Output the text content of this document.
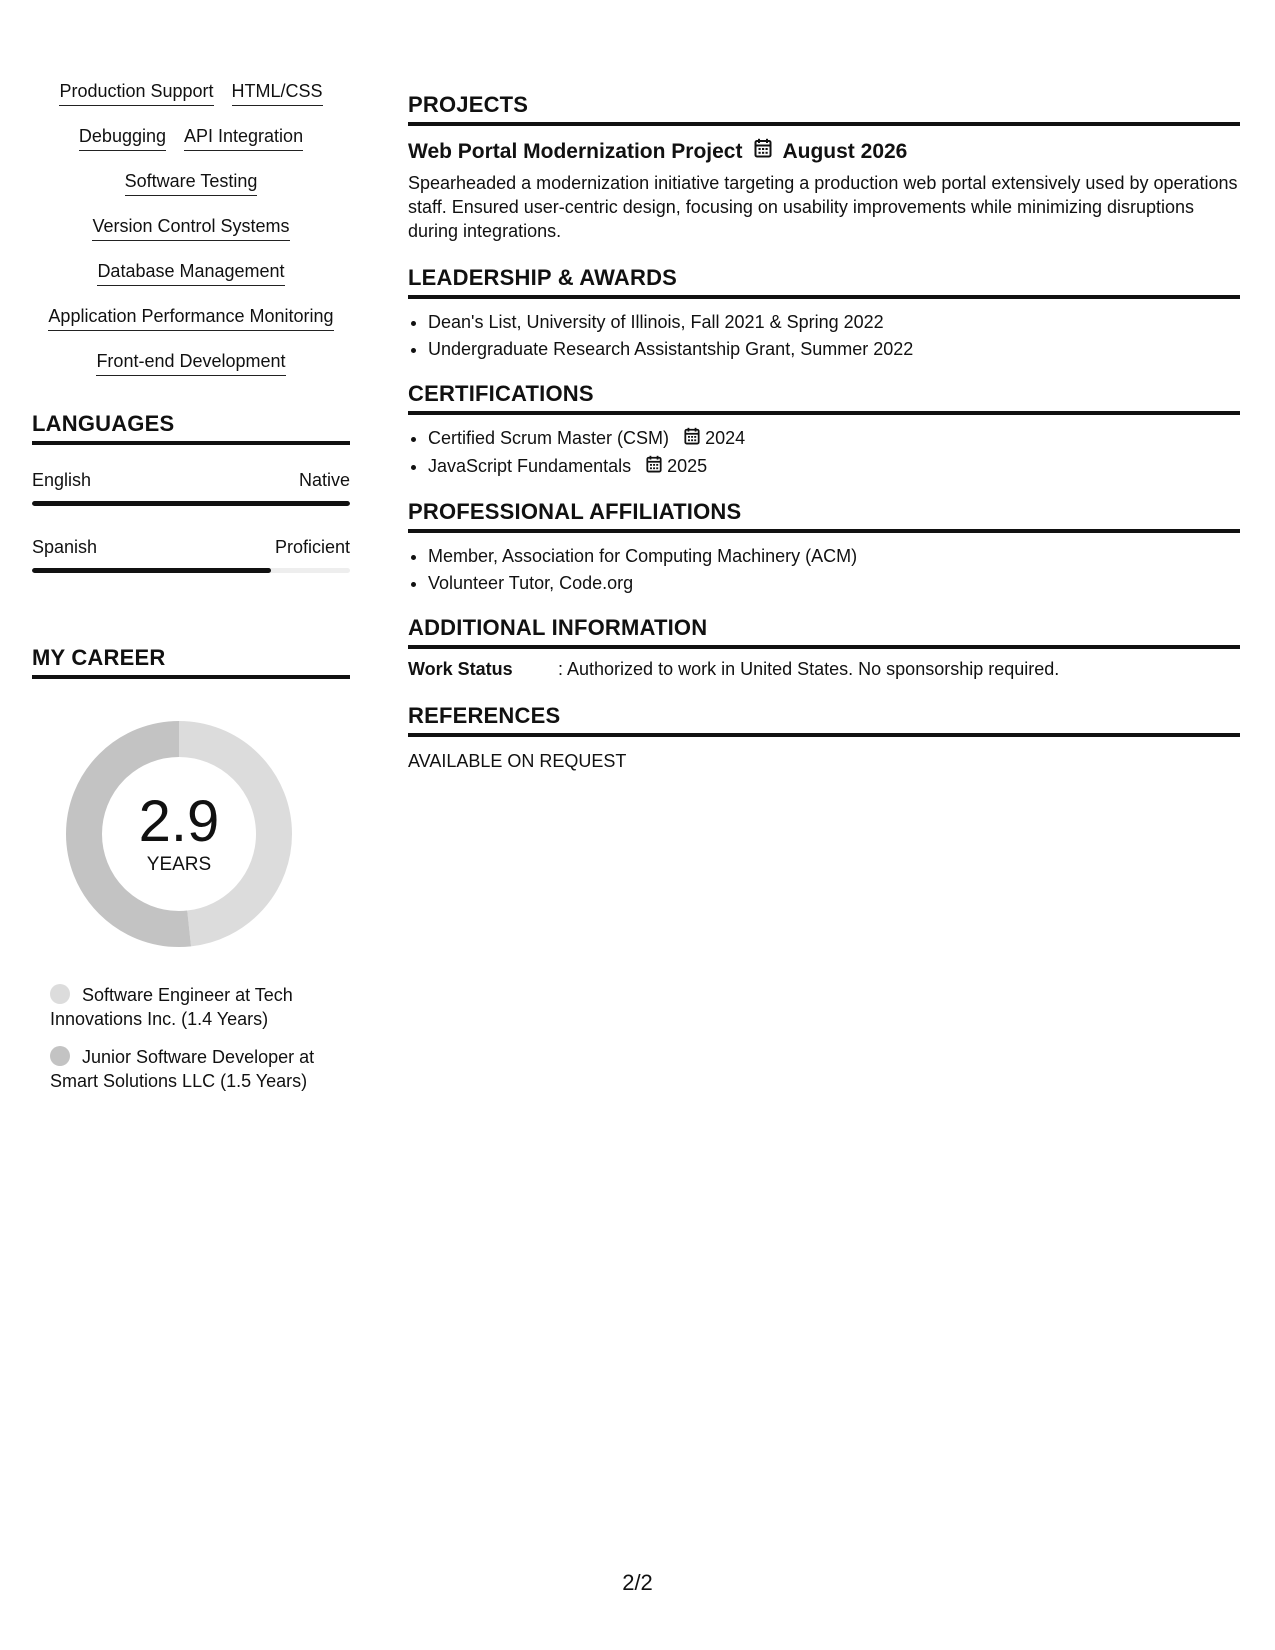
Production Support HTML/CSS
Debugging API Integration
Software Testing
Version Control Systems
Database Management
Application Performance Monitoring
Front-end Development
LANGUAGES
English	Native
Spanish	Proficient
MY CAREER
2.9
YEARS
Software Engineer at Tech Innovations Inc. (1.4 Years)
Junior Software Developer at Smart Solutions LLC (1.5 Years)
PROJECTS
Web Portal Modernization Project August 2026
Spearheaded a modernization initiative targeting a production web portal extensively used by operations staff. Ensured user-centric design, focusing on usability improvements while minimizing disruptions during integrations.
LEADERSHIP & AWARDS
• Dean's List, University of Illinois, Fall 2021 & Spring 2022
• Undergraduate Research Assistantship Grant, Summer 2022
CERTIFICATIONS
• Certified Scrum Master (CSM) 2024
• JavaScript Fundamentals 2025
PROFESSIONAL AFFILIATIONS
• Member, Association for Computing Machinery (ACM)
• Volunteer Tutor, Code.org
ADDITIONAL INFORMATION
Work Status	: Authorized to work in United States. No sponsorship required.
REFERENCES
AVAILABLE ON REQUEST
2/2
